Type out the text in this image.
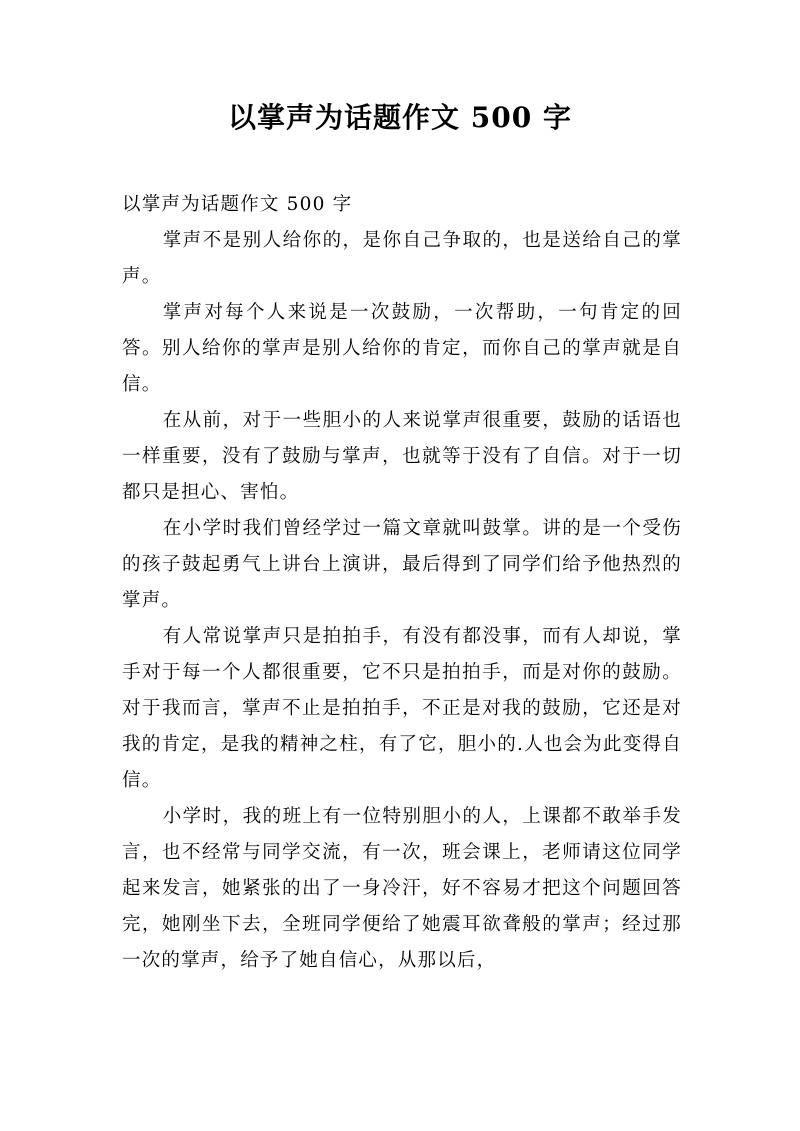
以掌声为话题作文 500 字

以掌声为话题作文 500 字

掌声不是别人给你的，是你自己争取的，也是送给自己的掌声。

掌声对每个人来说是一次鼓励，一次帮助，一句肯定的回答。别人给你的掌声是别人给你的肯定，而你自己的掌声就是自信。

在从前，对于一些胆小的人来说掌声很重要，鼓励的话语也一样重要，没有了鼓励与掌声，也就等于没有了自信。对于一切都只是担心、害怕。

在小学时我们曾经学过一篇文章就叫鼓掌。讲的是一个受伤的孩子鼓起勇气上讲台上演讲，最后得到了同学们给予他热烈的掌声。

有人常说掌声只是拍拍手，有没有都没事，而有人却说，掌手对于每一个人都很重要，它不只是拍拍手，而是对你的鼓励。对于我而言，掌声不止是拍拍手，不正是对我的鼓励，它还是对我的肯定，是我的精神之柱，有了它，胆小的.人也会为此变得自信。

小学时，我的班上有一位特别胆小的人，上课都不敢举手发言，也不经常与同学交流，有一次，班会课上，老师请这位同学起来发言，她紧张的出了一身冷汗，好不容易才把这个问题回答完，她刚坐下去，全班同学便给了她震耳欲聋般的掌声；经过那一次的掌声，给予了她自信心，从那以后，
